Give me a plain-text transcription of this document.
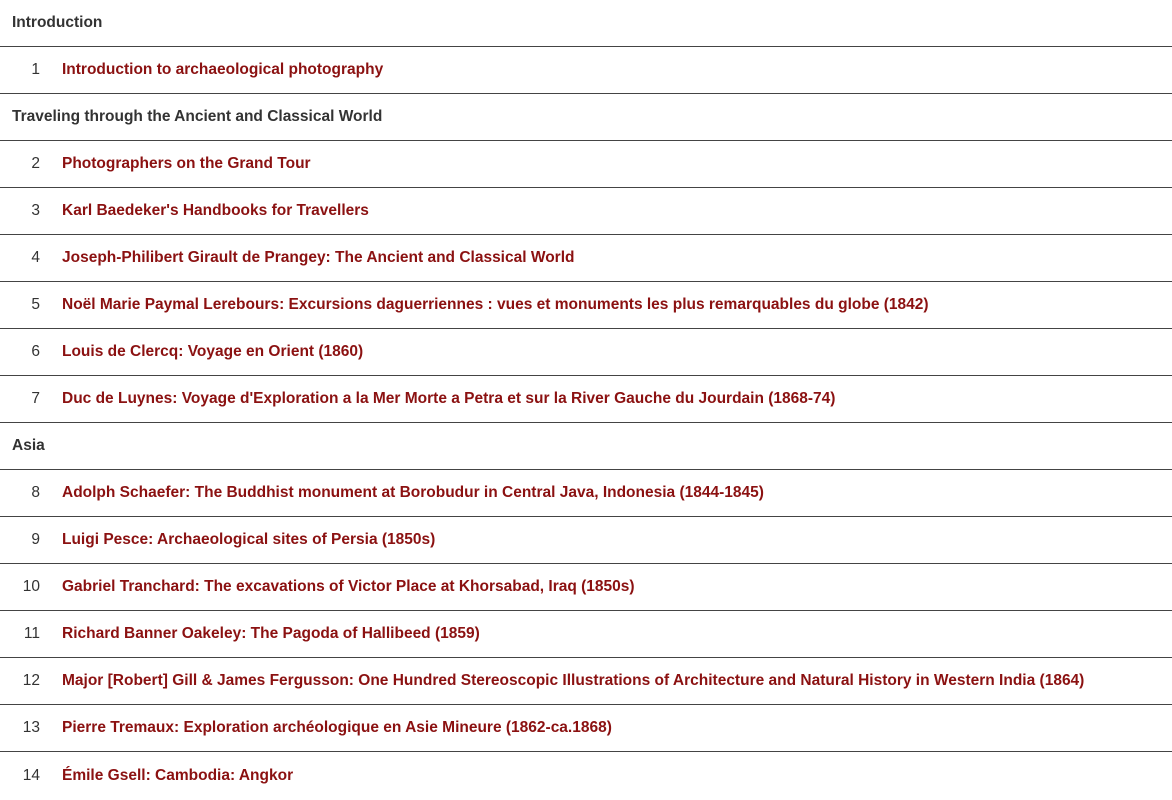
Introduction
1 Introduction to archaeological photography
Traveling through the Ancient and Classical World
2 Photographers on the Grand Tour
3 Karl Baedeker's Handbooks for Travellers
4 Joseph-Philibert Girault de Prangey: The Ancient and Classical World
5 Noël Marie Paymal Lerebours: Excursions daguerriennes : vues et monuments les plus remarquables du globe (1842)
6 Louis de Clercq: Voyage en Orient (1860)
7 Duc de Luynes: Voyage d'Exploration a la Mer Morte a Petra et sur la River Gauche du Jourdain (1868-74)
Asia
8 Adolph Schaefer: The Buddhist monument at Borobudur in Central Java, Indonesia (1844-1845)
9 Luigi Pesce: Archaeological sites of Persia (1850s)
10 Gabriel Tranchard: The excavations of Victor Place at Khorsabad, Iraq (1850s)
11 Richard Banner Oakeley: The Pagoda of Hallibeed (1859)
12 Major [Robert] Gill & James Fergusson: One Hundred Stereoscopic Illustrations of Architecture and Natural History in Western India (1864)
13 Pierre Tremaux: Exploration archéologique en Asie Mineure (1862-ca.1868)
14 Émile Gsell: Cambodia: Angkor
